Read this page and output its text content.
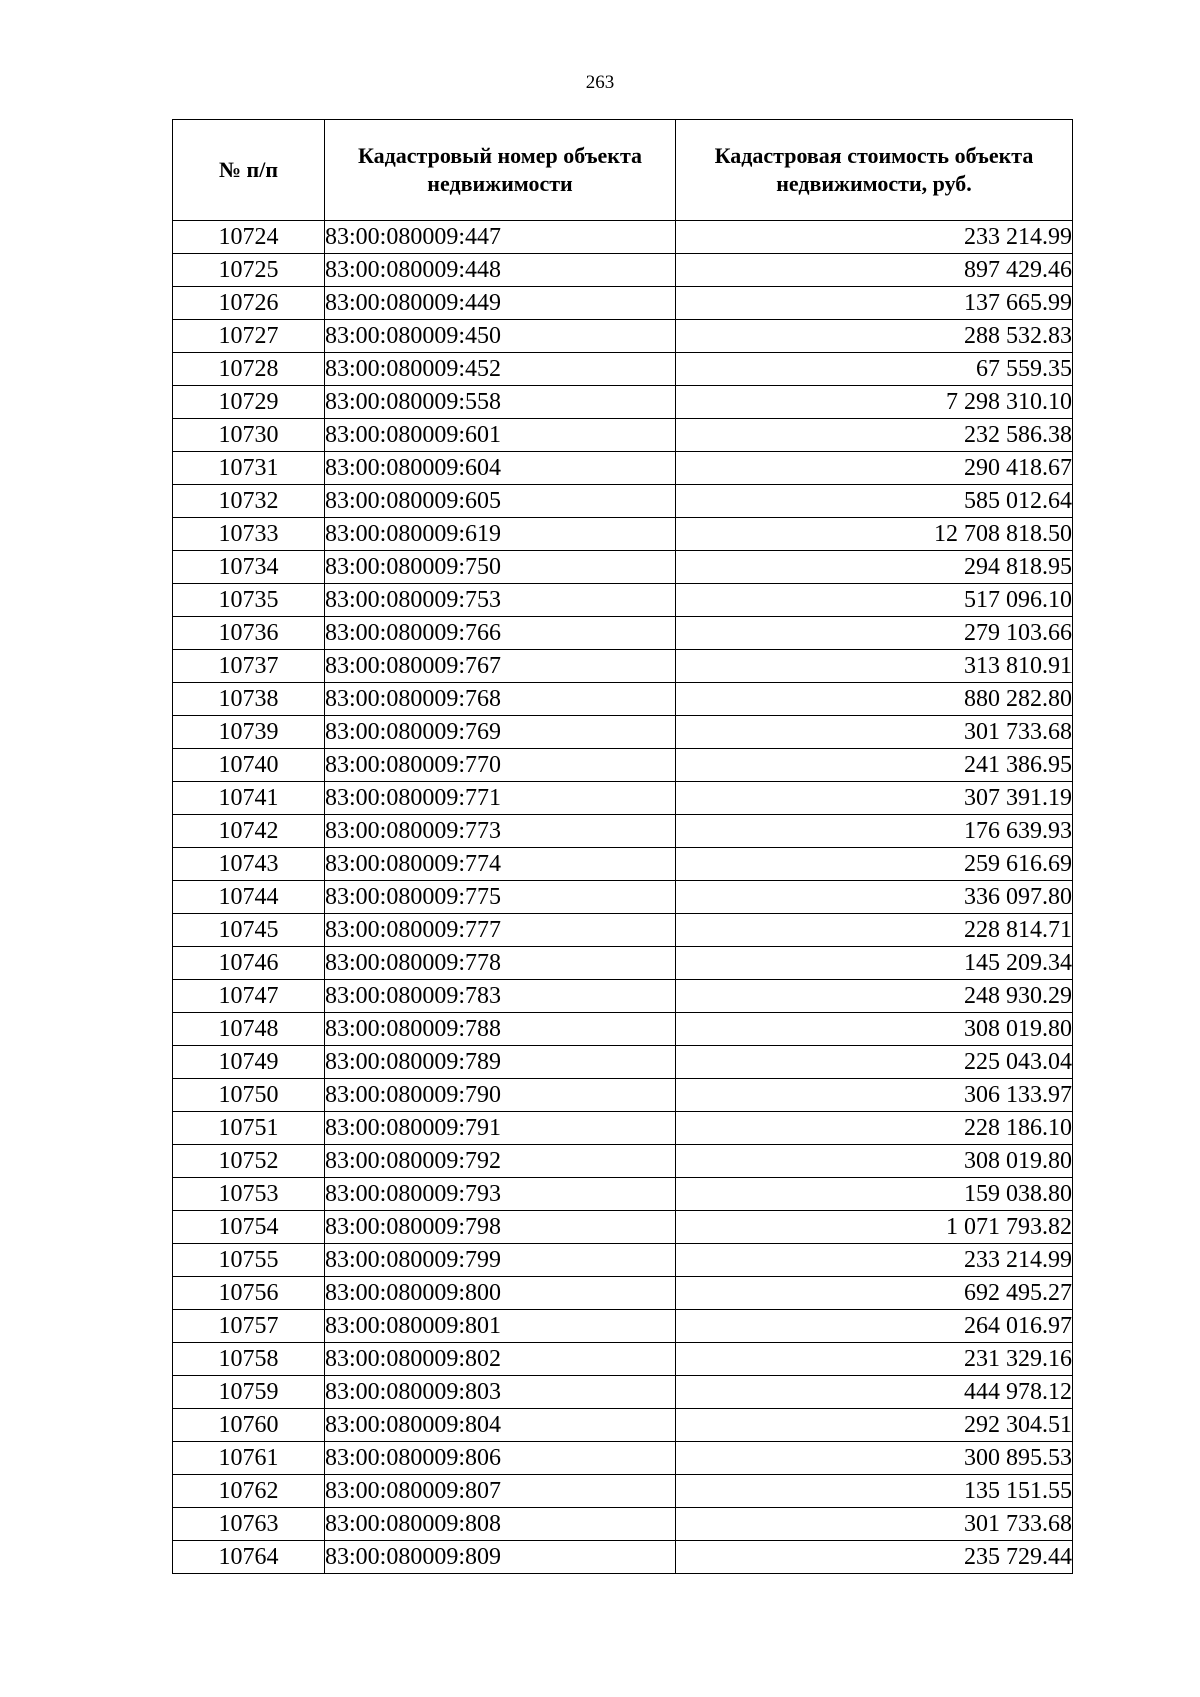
263
№ п/п	Кадастровый номер объекта недвижимости	Кадастровая стоимость объекта недвижимости, руб.
10724	83:00:080009:447	233 214.99
10725	83:00:080009:448	897 429.46
10726	83:00:080009:449	137 665.99
10727	83:00:080009:450	288 532.83
10728	83:00:080009:452	67 559.35
10729	83:00:080009:558	7 298 310.10
10730	83:00:080009:601	232 586.38
10731	83:00:080009:604	290 418.67
10732	83:00:080009:605	585 012.64
10733	83:00:080009:619	12 708 818.50
10734	83:00:080009:750	294 818.95
10735	83:00:080009:753	517 096.10
10736	83:00:080009:766	279 103.66
10737	83:00:080009:767	313 810.91
10738	83:00:080009:768	880 282.80
10739	83:00:080009:769	301 733.68
10740	83:00:080009:770	241 386.95
10741	83:00:080009:771	307 391.19
10742	83:00:080009:773	176 639.93
10743	83:00:080009:774	259 616.69
10744	83:00:080009:775	336 097.80
10745	83:00:080009:777	228 814.71
10746	83:00:080009:778	145 209.34
10747	83:00:080009:783	248 930.29
10748	83:00:080009:788	308 019.80
10749	83:00:080009:789	225 043.04
10750	83:00:080009:790	306 133.97
10751	83:00:080009:791	228 186.10
10752	83:00:080009:792	308 019.80
10753	83:00:080009:793	159 038.80
10754	83:00:080009:798	1 071 793.82
10755	83:00:080009:799	233 214.99
10756	83:00:080009:800	692 495.27
10757	83:00:080009:801	264 016.97
10758	83:00:080009:802	231 329.16
10759	83:00:080009:803	444 978.12
10760	83:00:080009:804	292 304.51
10761	83:00:080009:806	300 895.53
10762	83:00:080009:807	135 151.55
10763	83:00:080009:808	301 733.68
10764	83:00:080009:809	235 729.44
